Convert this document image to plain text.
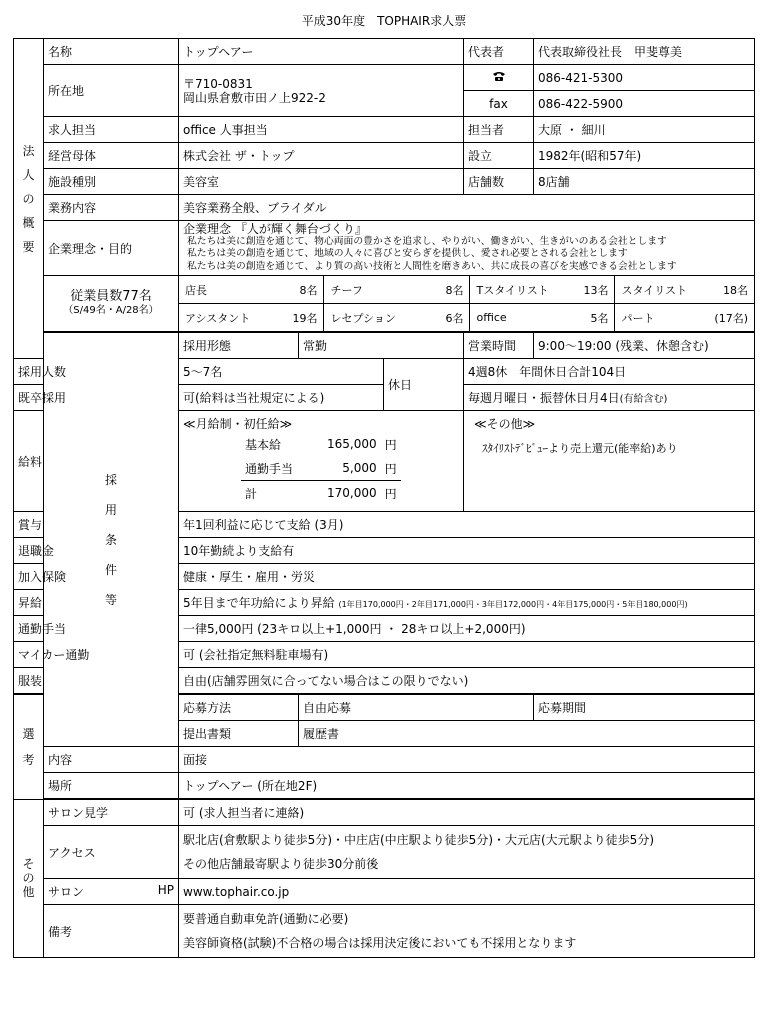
平成30年度　TOPHAIR求人票
法人の概要

名称	トップヘアー	代表者	代表取締役社長　甲斐尊美
所在地	
〒710-0831
岡山県倉敷市田ノ上922-2
		086-421-5300
fax	086-422-5900
求人担当	office 人事担当	担当者	大原 ・ 細川
経営母体	株式会社 ザ・トップ	設立	1982年(昭和57年)
施設種別	美容室	店舗数	8店舗
業務内容	美容業務全般、ブライダル
企業理念・目的	
企業理念 『人が輝く舞台づくり』
私たちは美に創造を通じて、物心両面の豊かさを追求し、やりがい、働きがい、生きがいのある会社とします
私たちは美の創造を通じて、地域の人々に喜びと安らぎを提供し、愛され必要とされる会社とします
私たちは美の創造を通じて、より質の高い技術と人間性を磨きあい、共に成長の喜びを実感できる会社とします

従業員数77名
（S/49名・A/28名）

店長	8名	チーフ	8名	Tスタイリスト	13名	スタイリスト	18名
アシスタント	19名	レセプション	6名	office	5名	パート	(17名)

採用条件等
	採用形態	常勤	営業時間	9:00～19:00 (残業、休憩含む)
採用人数	5～7名	休日	4週8休　年間休日合計104日
既卒採用	可(給料は当社規定による)	毎週月曜日・振替休日月4日(有給含む)
給料	
≪月給制・初任給≫
基本給	165,000	円
通勤手当	5,000	円
計	170,000	円

≪その他≫
ｽﾀｲﾘｽﾄﾃﾞﾋﾞｭｰより売上還元(能率給)あり

賞与	年1回利益に応じて支給 (3月)
退職金	10年勤続より支給有
加入保険	健康・厚生・雇用・労災
昇給	5年目まで年功給により昇給 (1年目170,000円・2年目171,000円・3年目172,000円・4年目175,000円・5年目180,000円)
通勤手当	一律5,000円 (23キロ以上+1,000円 ・ 28キロ以上+2,000円)
マイカー通勤	可 (会社指定無料駐車場有)
服装	自由(店舗雰囲気に合ってない場合はこの限りでない)

選考
	応募方法	自由応募	応募期間	
提出書類	履歴書
内容	面接
場所	トップヘアー (所在地2F)

その他
	サロン見学	可 (求人担当者に連絡)
アクセス	
駅北店(倉敷駅より徒歩5分)・中庄店(中庄駅より徒歩5分)・大元店(大元駅より徒歩5分)
その他店舗最寄駅より徒歩30分前後

サロン	HP	www.tophair.co.jp
備考	
要普通自動車免許(通勤に必要)
美容師資格(試験)不合格の場合は採用決定後においても不採用となります
